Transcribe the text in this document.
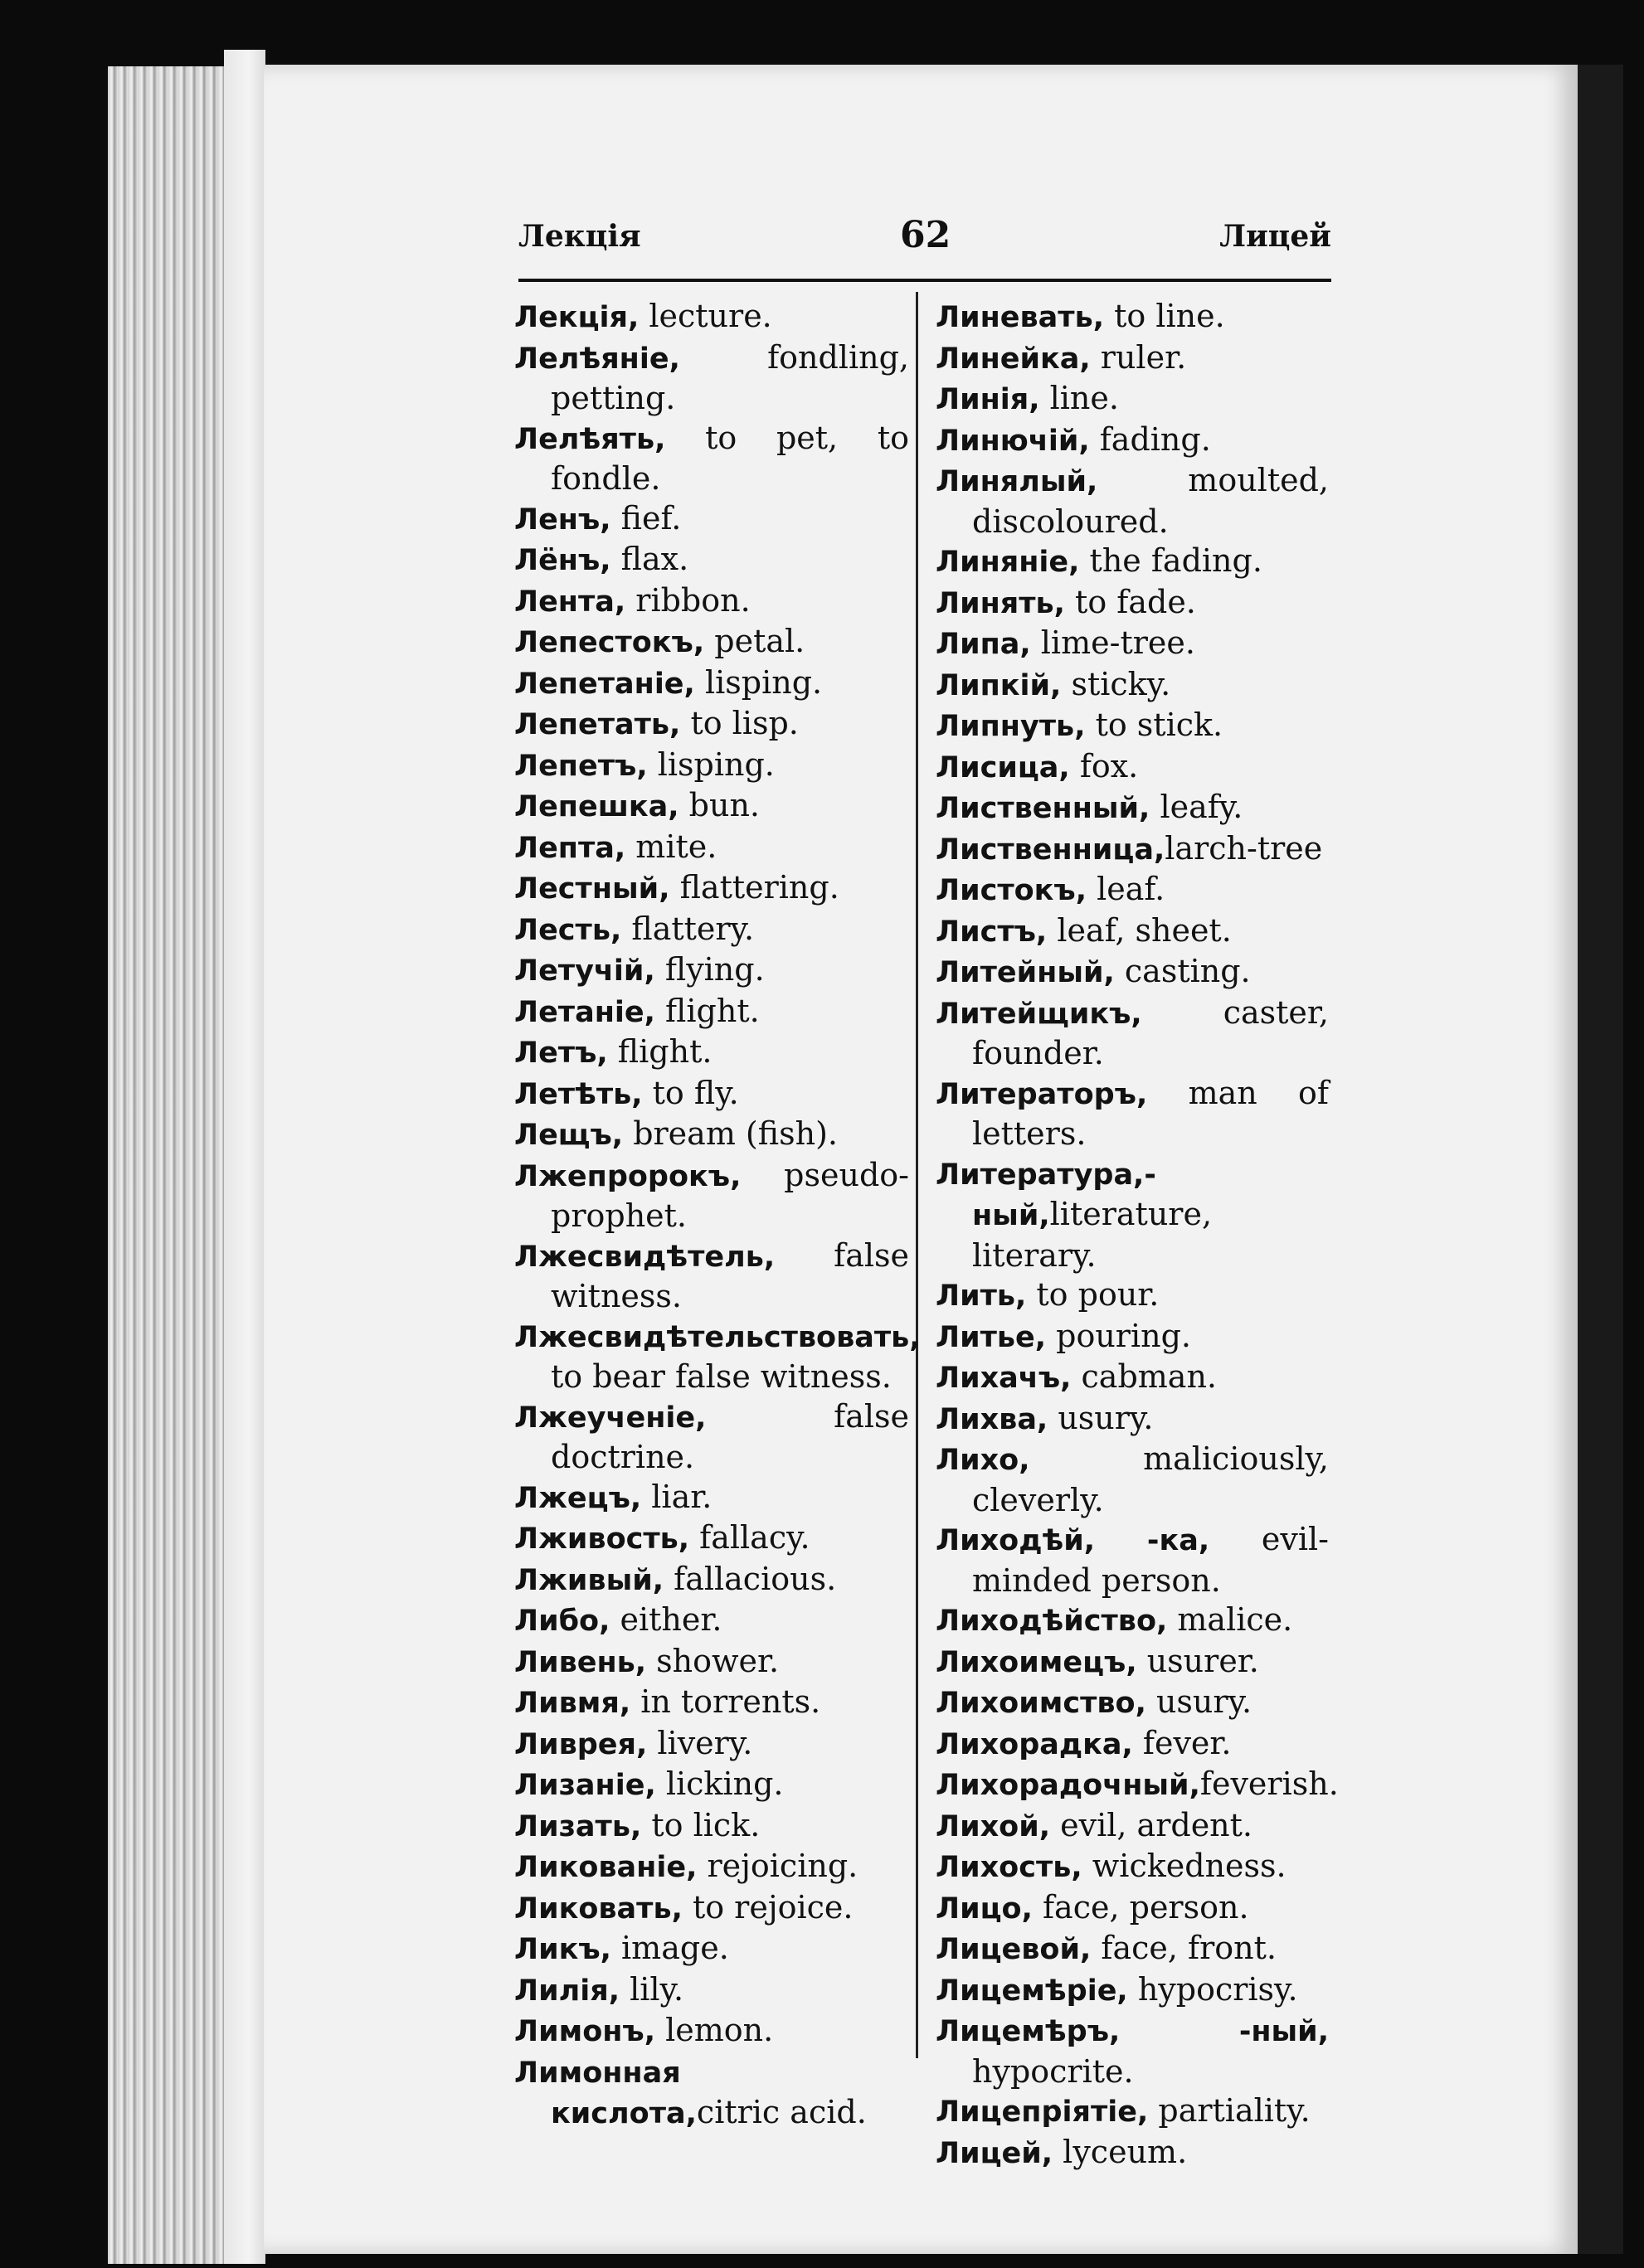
Лекція	62	Лицей
Лекція, lecture.
Лелѣяніе, fondling, petting.
Лелѣять, to pet, to fondle.
Ленъ, fief.
Лёнъ, flax.
Лента, ribbon.
Лепестокъ, petal.
Лепетаніе, lisping.
Лепетать, to lisp.
Лепетъ, lisping.
Лепешка, bun.
Лепта, mite.
Лестный, flattering.
Лесть, flattery.
Летучій, flying.
Летаніе, flight.
Летъ, flight.
Летѣть, to fly.
Лещъ, bream (fish).
Лжепророкъ, pseudo-prophet.
Лжесвидѣтель, false witness.
Лжесвидѣтельствовать, to bear false witness.
Лжеученіе, false doctrine.
Лжецъ, liar.
Лживость, fallacy.
Лживый, fallacious.
Либо, either.
Ливень, shower.
Ливмя, in torrents.
Ливрея, livery.
Лизаніе, licking.
Лизать, to lick.
Ликованіе, rejoicing.
Ликовать, to rejoice.
Ликъ, image.
Лилія, lily.
Лимонъ, lemon.
Лимонная кислота,citric acid.
Линевать, to line.
Линейка, ruler.
Линія, line.
Линючій, fading.
Линялый, moulted, discoloured.
Линяніе, the fading.
Линять, to fade.
Липа, lime-tree.
Липкій, sticky.
Липнуть, to stick.
Лисица, fox.
Лиственный, leafy.
Лиственница,larch-tree
Листокъ, leaf.
Листъ, leaf, sheet.
Литейный, casting.
Литейщикъ, caster, founder.
Литераторъ, man of letters.
Литература,-ный,literature, literary.
Лить, to pour.
Литье, pouring.
Лихачъ, cabman.
Лихва, usury.
Лихо, maliciously, cleverly.
Лиходѣй, -ка, evil-minded person.
Лиходѣйство, malice.
Лихоимецъ, usurer.
Лихоимство, usury.
Лихорадка, fever.
Лихорадочный,feverish.
Лихой, evil, ardent.
Лихость, wickedness.
Лицо, face, person.
Лицевой, face, front.
Лицемѣріе, hypocrisy.
Лицемѣръ, -ный, hypocrite.
Лицепріятіе, partiality.
Лицей, lyceum.
